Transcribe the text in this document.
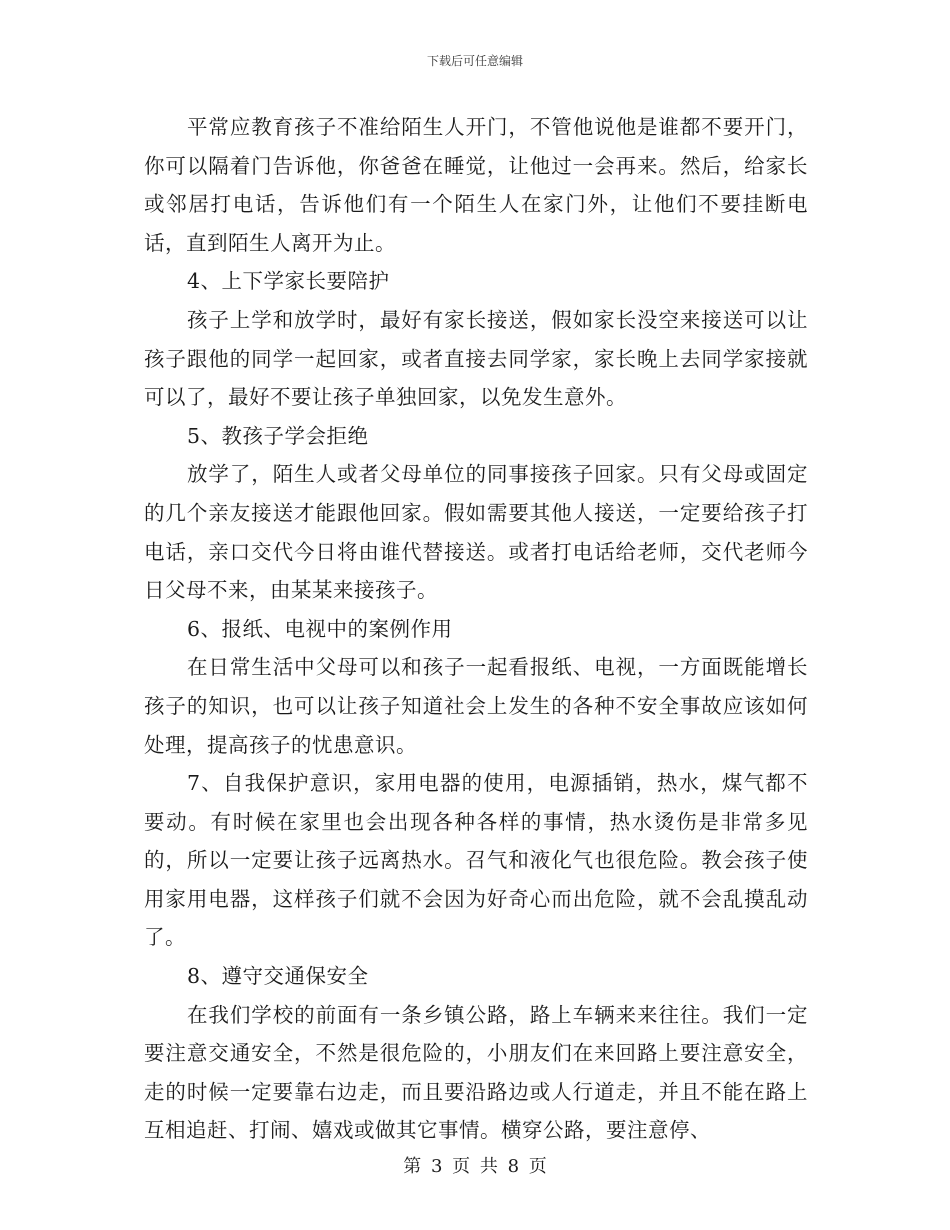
下载后可任意编辑

平常应教育孩子不准给陌生人开门，不管他说他是谁都不要开门，你可以隔着门告诉他，你爸爸在睡觉，让他过一会再来。然后，给家长或邻居打电话，告诉他们有一个陌生人在家门外，让他们不要挂断电话，直到陌生人离开为止。

4、上下学家长要陪护

孩子上学和放学时，最好有家长接送，假如家长没空来接送可以让孩子跟他的同学一起回家，或者直接去同学家，家长晚上去同学家接就可以了，最好不要让孩子单独回家，以免发生意外。

5、教孩子学会拒绝

放学了，陌生人或者父母单位的同事接孩子回家。只有父母或固定的几个亲友接送才能跟他回家。假如需要其他人接送，一定要给孩子打电话，亲口交代今日将由谁代替接送。或者打电话给老师，交代老师今日父母不来，由某某来接孩子。

6、报纸、电视中的案例作用

在日常生活中父母可以和孩子一起看报纸、电视，一方面既能增长孩子的知识，也可以让孩子知道社会上发生的各种不安全事故应该如何处理，提高孩子的忧患意识。

7、自我保护意识，家用电器的使用，电源插销，热水，煤气都不要动。有时候在家里也会出现各种各样的事情，热水烫伤是非常多见的，所以一定要让孩子远离热水。召气和液化气也很危险。教会孩子使用家用电器，这样孩子们就不会因为好奇心而出危险，就不会乱摸乱动了。

8、遵守交通保安全

在我们学校的前面有一条乡镇公路，路上车辆来来往往。我们一定要注意交通安全，不然是很危险的，小朋友们在来回路上要注意安全，走的时候一定要靠右边走，而且要沿路边或人行道走，并且不能在路上互相追赶、打闹、嬉戏或做其它事情。横穿公路，要注意停、

第 3 页 共 8 页
